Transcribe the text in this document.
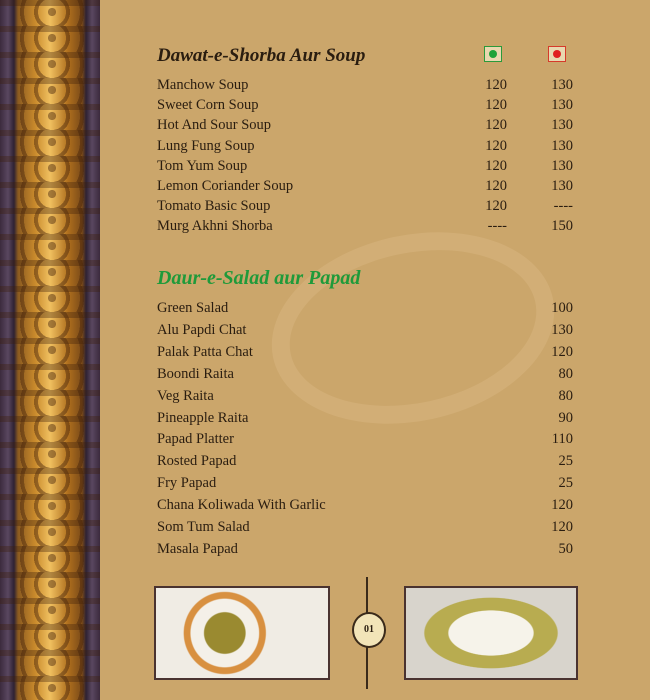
Dawat-e-Shorba Aur Soup
Daur-e-Salad aur Papad
01
Manchow Soup	120	130
Sweet Corn Soup	120	130
Hot And Sour Soup	120	130
Lung Fung Soup	120	130
Tom Yum Soup	120	130
Lemon Coriander Soup	120	130
Tomato Basic Soup	120	----
Murg Akhni Shorba	----	150
Green Salad	100
Alu Papdi Chat	130
Palak Patta Chat	120
Boondi Raita	80
Veg Raita	80
Pineapple Raita	90
Papad Platter	110
Rosted Papad	25
Fry Papad	25
Chana Koliwada With Garlic	120
Som Tum Salad	120
Masala Papad	50
